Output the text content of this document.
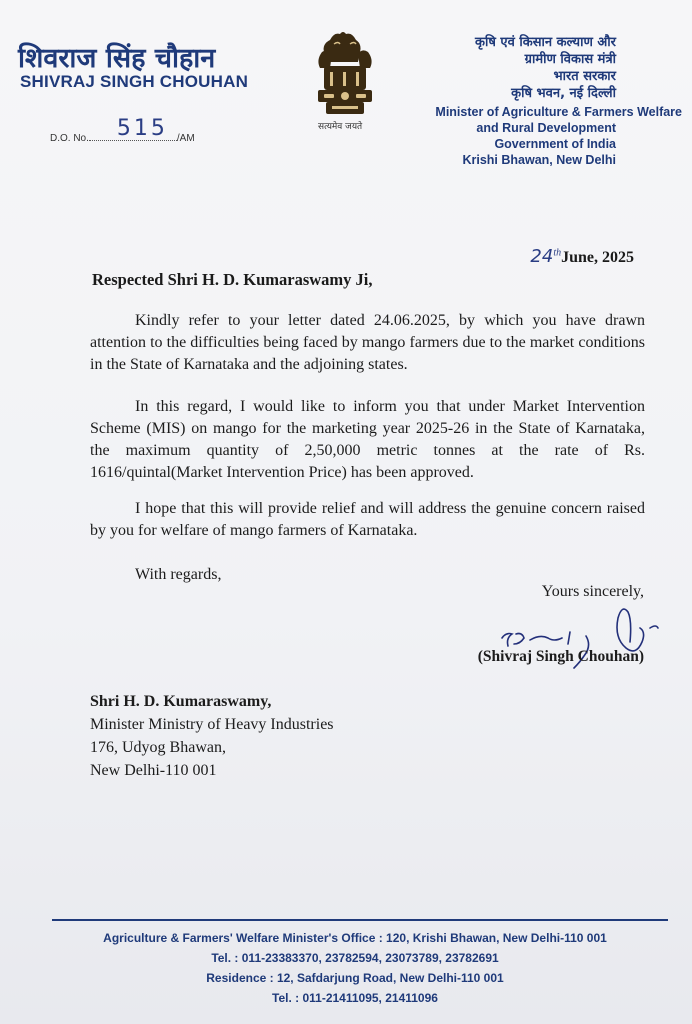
शिवराज सिंह चौहान
SHIVRAJ SINGH CHOUHAN
सत्यमेव जयते
कृषि एवं किसान कल्याण और
ग्रामीण विकास मंत्री
भारत सरकार
कृषि भवन, नई दिल्ली
Minister of Agriculture & Farmers Welfare
and Rural Development
Government of India
Krishi Bhawan, New Delhi
D.O. No. 515 /AM
24thJune, 2025
Respected Shri H. D. Kumaraswamy Ji,

Kindly refer to your letter dated 24.06.2025, by which you have drawn attention to the difficulties being faced by mango farmers due to the market conditions in the State of Karnataka and the adjoining states.

In this regard, I would like to inform you that under Market Intervention Scheme (MIS) on mango for the marketing year 2025-26 in the State of Karnataka, the maximum quantity of 2,50,000 metric tonnes at the rate of Rs. 1616/quintal(Market Intervention Price) has been approved.

I hope that this will provide relief and will address the genuine concern raised by you for welfare of mango farmers of Karnataka.

With regards,
Yours sincerely,
(Shivraj Singh Chouhan)
Shri H. D. Kumaraswamy,
Minister Ministry of Heavy Industries
176, Udyog Bhawan,
New Delhi-110 001
Agriculture & Farmers' Welfare Minister's Office : 120, Krishi Bhawan, New Delhi-110 001
Tel. : 011-23383370, 23782594, 23073789, 23782691
Residence : 12, Safdarjung Road, New Delhi-110 001
Tel. : 011-21411095, 21411096
